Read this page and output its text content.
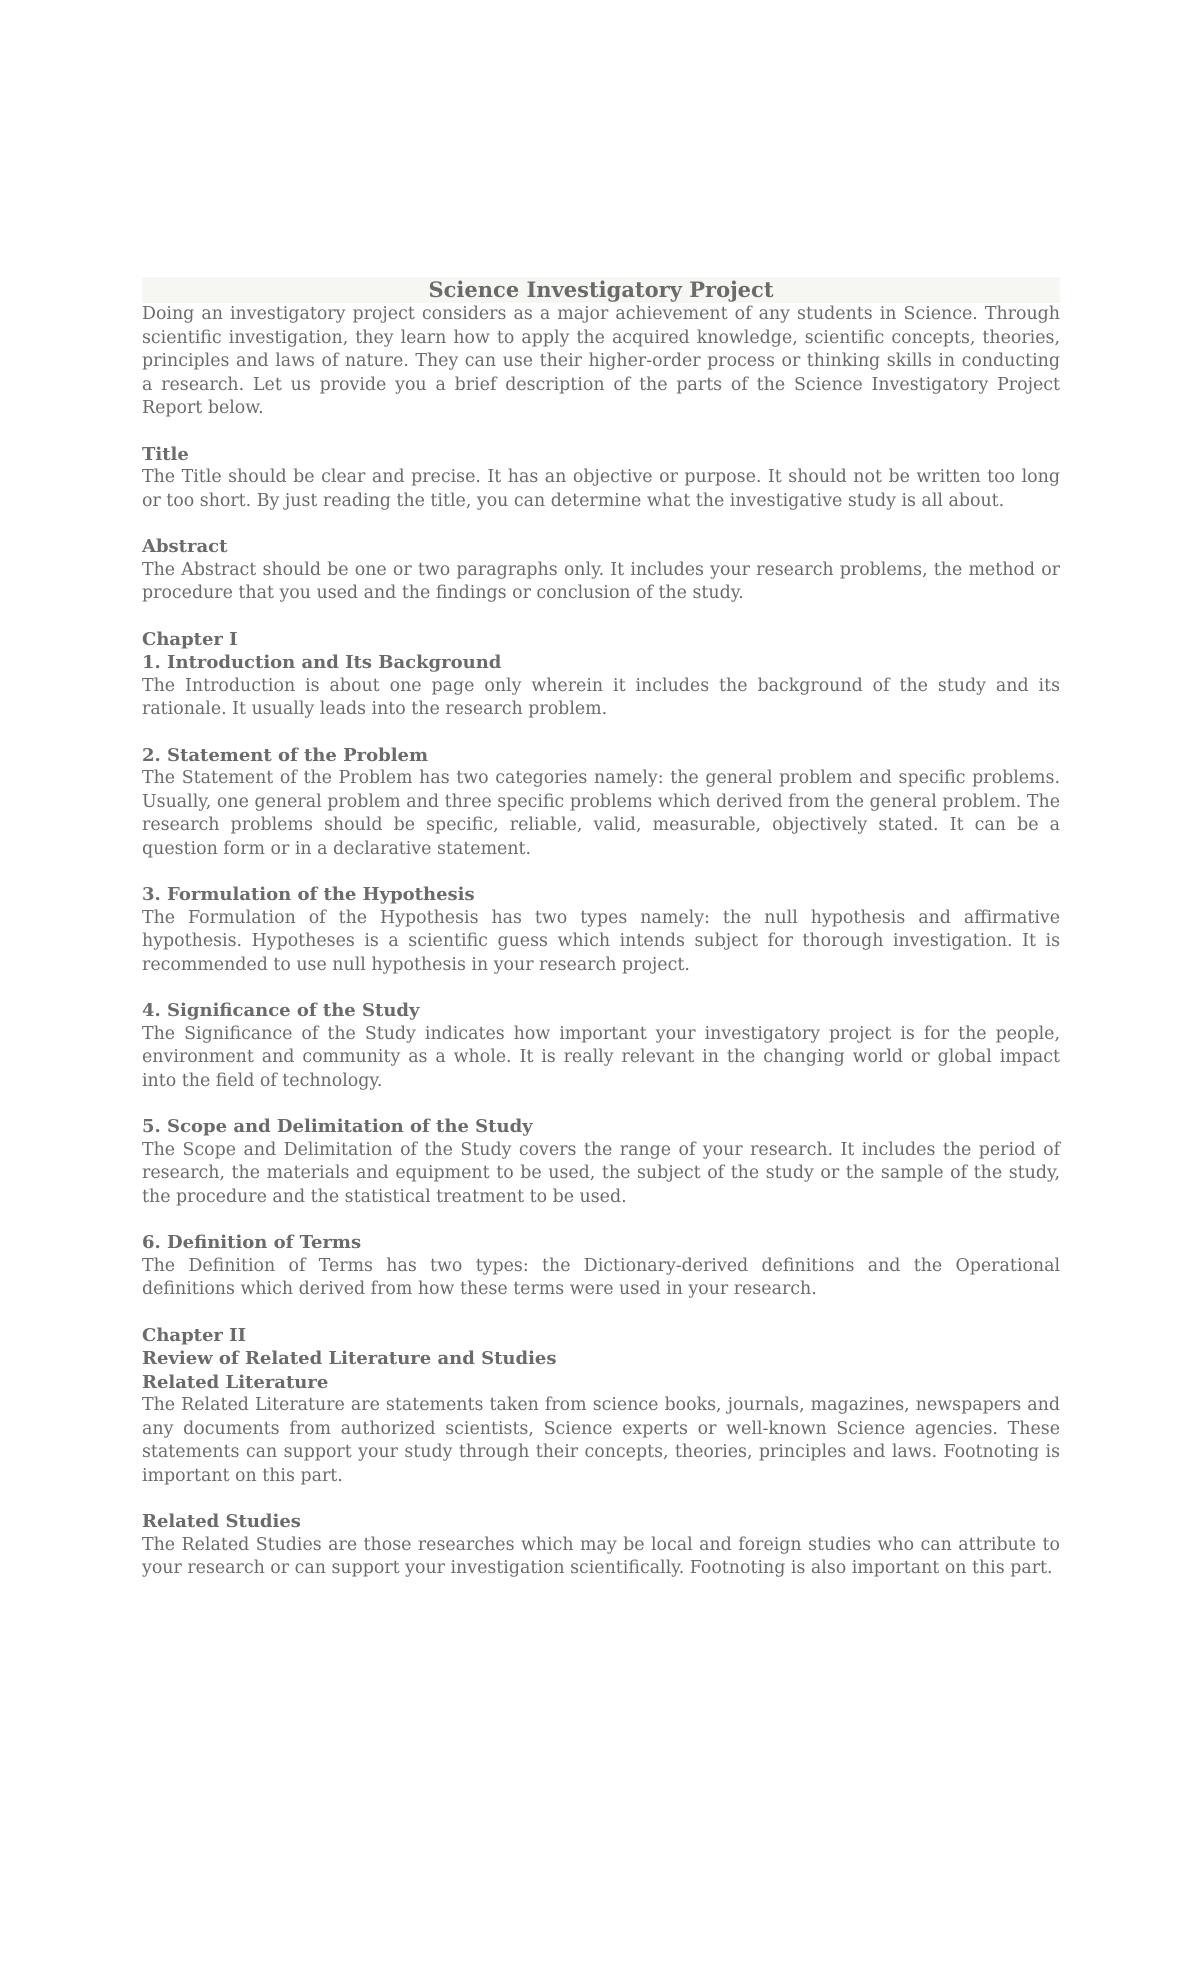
Science Investigatory Project

Doing an investigatory project considers as a major achievement of any students in Science. Through scientific investigation, they learn how to apply the acquired knowledge, scientific concepts, theories, principles and laws of nature. They can use their higher-order process or thinking skills in conducting a research. Let us provide you a brief description of the parts of the Science Investigatory Project Report below.

Title

The Title should be clear and precise. It has an objective or purpose. It should not be written too long or too short. By just reading the title, you can determine what the investigative study is all about.

Abstract

The Abstract should be one or two paragraphs only. It includes your research problems, the method or procedure that you used and the findings or conclusion of the study.

Chapter I
1. Introduction and Its Background

The Introduction is about one page only wherein it includes the background of the study and its rationale. It usually leads into the research problem.

2. Statement of the Problem

The Statement of the Problem has two categories namely: the general problem and specific problems. Usually, one general problem and three specific problems which derived from the general problem. The research problems should be specific, reliable, valid, measurable, objectively stated. It can be a question form or in a declarative statement.

3. Formulation of the Hypothesis

The Formulation of the Hypothesis has two types namely: the null hypothesis and affirmative hypothesis. Hypotheses is a scientific guess which intends subject for thorough investigation. It is recommended to use null hypothesis in your research project.

4. Significance of the Study

The Significance of the Study indicates how important your investigatory project is for the people, environment and community as a whole. It is really relevant in the changing world or global impact into the field of technology.

5. Scope and Delimitation of the Study

The Scope and Delimitation of the Study covers the range of your research. It includes the period of research, the materials and equipment to be used, the subject of the study or the sample of the study, the procedure and the statistical treatment to be used.

6. Definition of Terms

The Definition of Terms has two types: the Dictionary-derived definitions and the Operational definitions which derived from how these terms were used in your research.

Chapter II
Review of Related Literature and Studies
Related Literature

The Related Literature are statements taken from science books, journals, magazines, newspapers and any documents from authorized scientists, Science experts or well-known Science agencies. These statements can support your study through their concepts, theories, principles and laws. Footnoting is important on this part.

Related Studies

The Related Studies are those researches which may be local and foreign studies who can attribute to your research or can support your investigation scientifically. Footnoting is also important on this part.
